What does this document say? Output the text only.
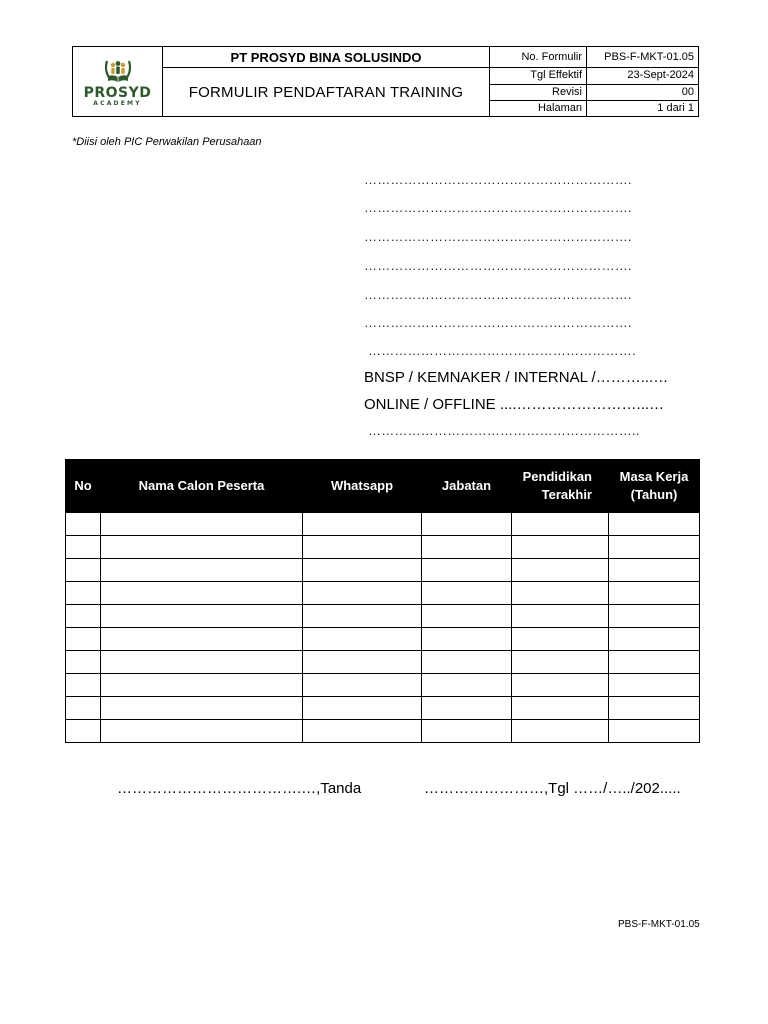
PROSYD
ACADEMY	PT PROSYD BINA SOLUSINDO	No. Formulir	PBS-F-MKT-01.05
	FORMULIR PENDAFTARAN TRAINING	Tgl Effektif	23-Sept-2024
		Revisi	00
		Halaman	1 dari 1
*Diisi oleh PIC Perwakilan Perusahaan
…………………………………………………….
…………………………………………………….
…………………………………………………….
…………………………………………………….
…………………………………………………….
…………………………………………………….
…………………………………………………….
BNSP / KEMNAKER / INTERNAL /………...…
ONLINE / OFFLINE ....……………………...…
……………………………………………………..
No	Nama Calon Peserta	Whatsapp	Jabatan	Pendidikan Terakhir	Masa Kerja (Tahun)

……………………………….…,Tanda	……………………,Tgl ……/…../202.....
PBS-F-MKT-01.05
